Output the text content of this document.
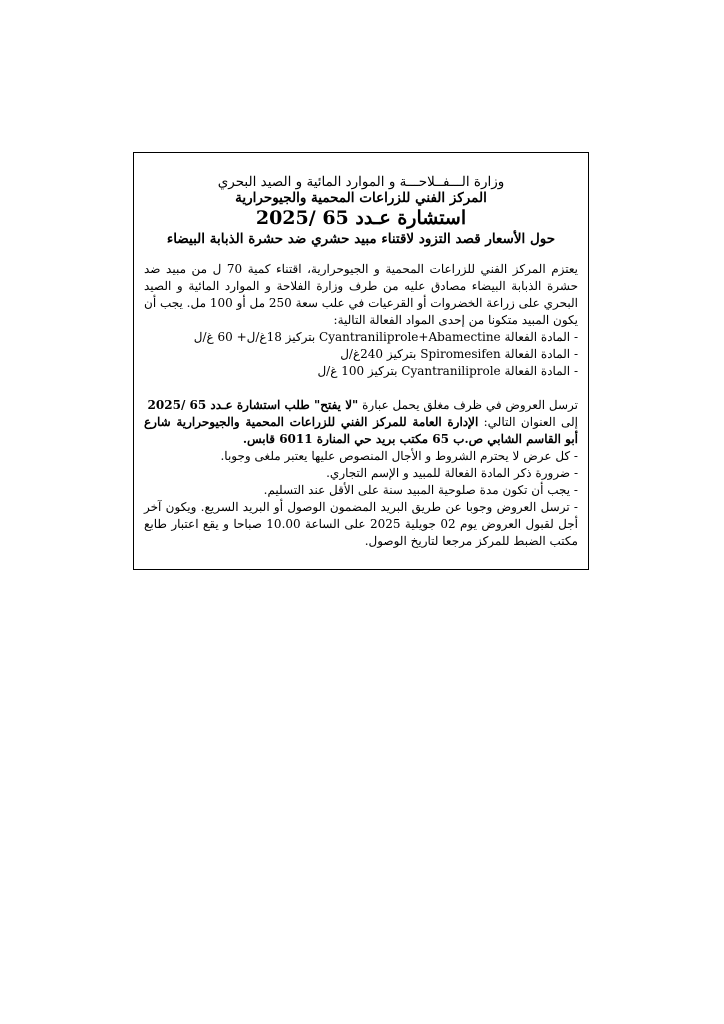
وزارة الـــفــلاحـــة و الموارد المائية و الصيد البحري

المركز الفني للزراعات المحمية والجيوحرارية

استشارة عـدد 65 /2025

حول الأسعار قصد التزود لاقتناء مبيد حشري ضد حشرة الذبابة البيضاء

يعتزم المركز الفني للزراعات المحمية و الجيوحرارية، اقتناء كمية 70 ل من مبيد ضد حشرة الذبابة البيضاء مصادق عليه من طرف وزارة الفلاحة و الموارد المائية و الصيد البحري على زراعة الخضروات أو القرعيات في علب سعة 250 مل أو 100 مل. يجب أن يكون المبيد متكونا من إحدى المواد الفعالة التالية:

- المادة الفعالة Cyantraniliprole+Abamectine بتركيز 18غ/ل+ 60 غ/ل

- المادة الفعالة Spiromesifen بتركيز 240غ/ل

- المادة الفعالة Cyantraniliprole بتركيز 100 غ/ل

ترسل العروض في ظرف مغلق يحمل عبارة "لا يفتح" طلب استشارة عـدد 65 /2025
إلى العنوان التالي: الإدارة العامة للمركز الفني للزراعات المحمية والجيوحرارية شارع أبو القاسم الشابي ص.ب 65 مكتب بريد حي المنارة 6011 قابس.

- كل عرض لا يحترم الشروط و الأجال المنصوص عليها يعتبر ملغى وجوبا.

- ضرورة ذكر المادة الفعالة للمبيد و الإسم التجاري.

- يجب أن تكون مدة صلوحية المبيد سنة على الأقل عند التسليم.

- ترسل العروض وجوبا عن طريق البريد المضمون الوصول أو البريد السريع. ويكون آخر أجل لقبول العروض يوم 02 جويلية 2025 على الساعة 10.00 صباحا و يقع اعتبار طابع مكتب الضبط للمركز مرجعا لتاريخ الوصول.
